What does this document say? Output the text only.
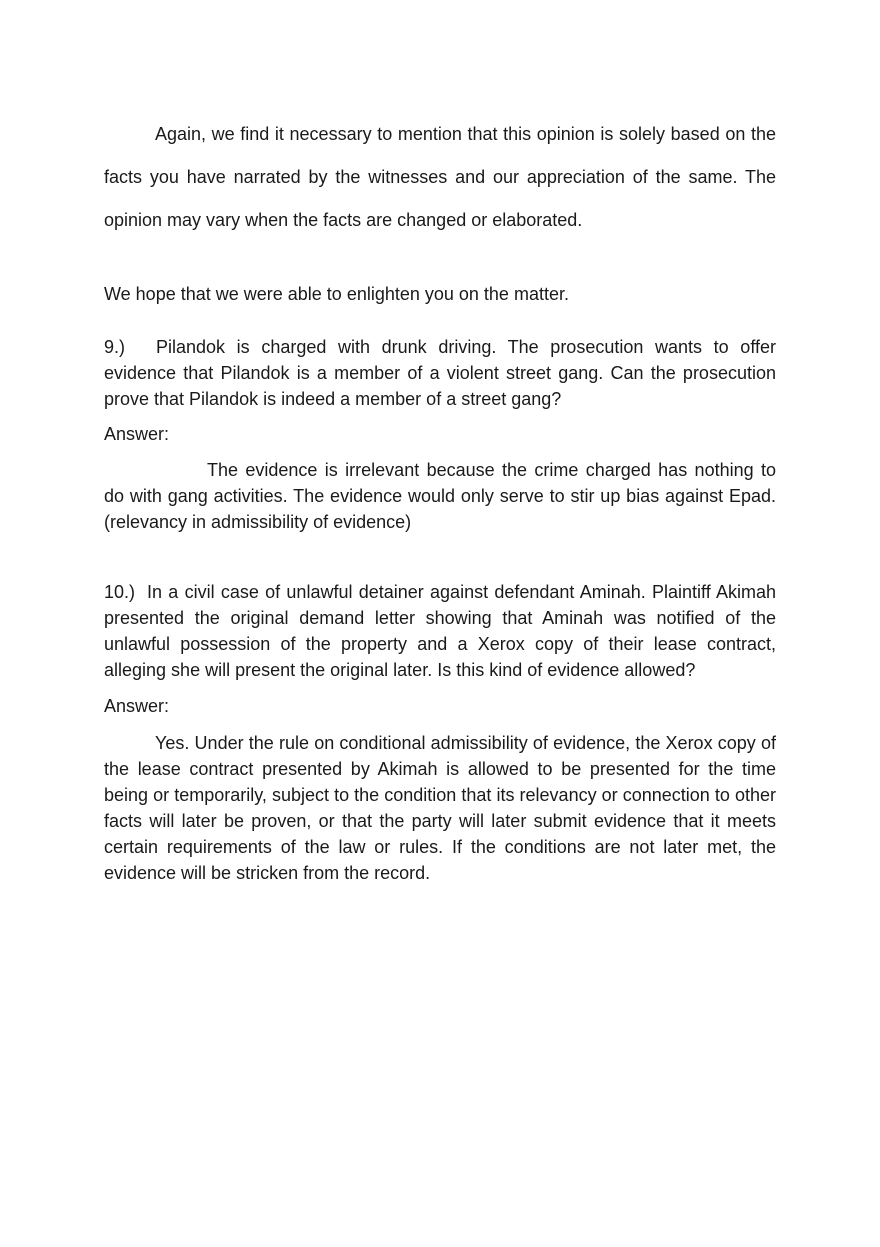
Again, we find it necessary to mention that this opinion is solely based on the facts you have narrated by the witnesses and our appreciation of the same. The opinion may vary when the facts are changed or elaborated.

We hope that we were able to enlighten you on the matter.

9.) Pilandok is charged with drunk driving. The prosecution wants to offer evidence that Pilandok is a member of a violent street gang. Can the prosecution prove that Pilandok is indeed a member of a street gang?

Answer:

The evidence is irrelevant because the crime charged has nothing to do with gang activities. The evidence would only serve to stir up bias against Epad. (relevancy in admissibility of evidence)

10.) In a civil case of unlawful detainer against defendant Aminah. Plaintiff Akimah presented the original demand letter showing that Aminah was notified of the unlawful possession of the property and a Xerox copy of their lease contract, alleging she will present the original later. Is this kind of evidence allowed?

Answer:

Yes. Under the rule on conditional admissibility of evidence, the Xerox copy of the lease contract presented by Akimah is allowed to be presented for the time being or temporarily, subject to the condition that its relevancy or connection to other facts will later be proven, or that the party will later submit evidence that it meets certain requirements of the law or rules. If the conditions are not later met, the evidence will be stricken from the record.
